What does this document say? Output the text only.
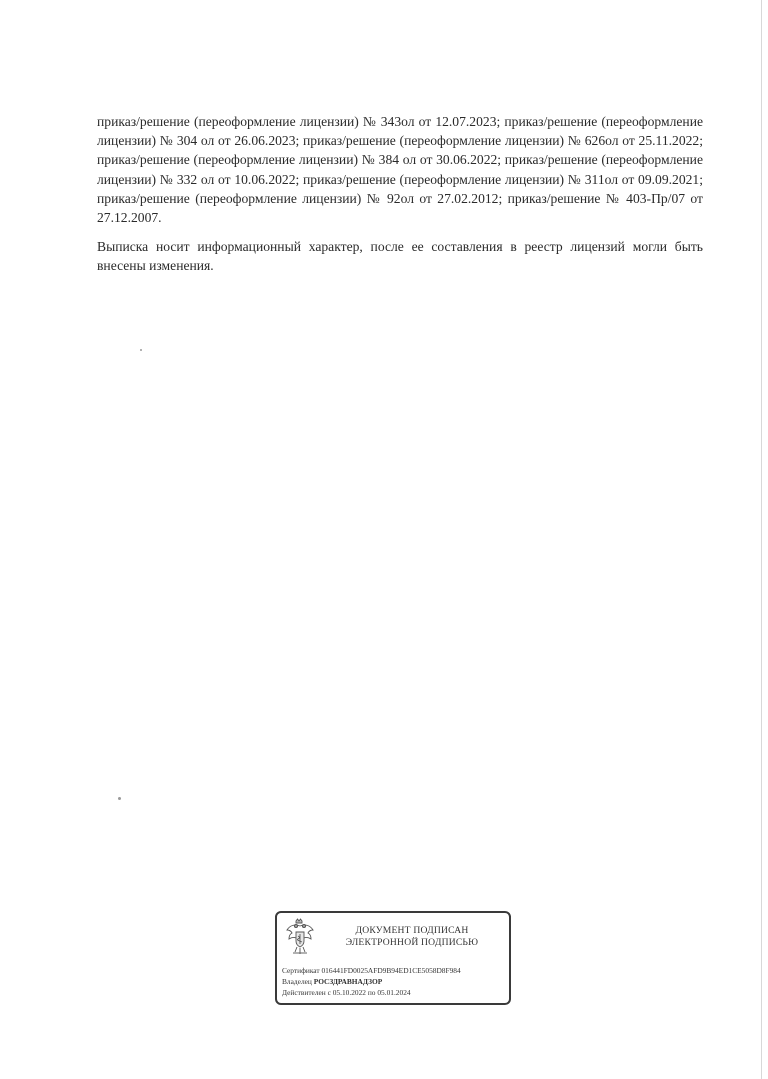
приказ/решение (переоформление лицензии) № 343ол от 12.07.2023; приказ/решение (переоформление лицензии) № 304 ол от 26.06.2023; приказ/решение (переоформление лицензии) № 626ол от 25.11.2022; приказ/решение (переоформление лицензии) № 384 ол от 30.06.2022; приказ/решение (переоформление лицензии) № 332 ол от 10.06.2022; приказ/решение (переоформление лицензии) № 311ол от 09.09.2021; приказ/решение (переоформление лицензии) № 92ол от 27.02.2012; приказ/решение № 403-Пр/07 от 27.12.2007.

Выписка носит информационный характер, после ее составления в реестр лицензий могли быть внесены изменения.

ДОКУМЕНТ ПОДПИСАН
ЭЛЕКТРОННОЙ ПОДПИСЬЮ

Сертификат 016441FD0025AFD9B94ED1CE5058D8F984
Владелец РОСЗДРАВНАДЗОР
Действителен с 05.10.2022 по 05.01.2024
